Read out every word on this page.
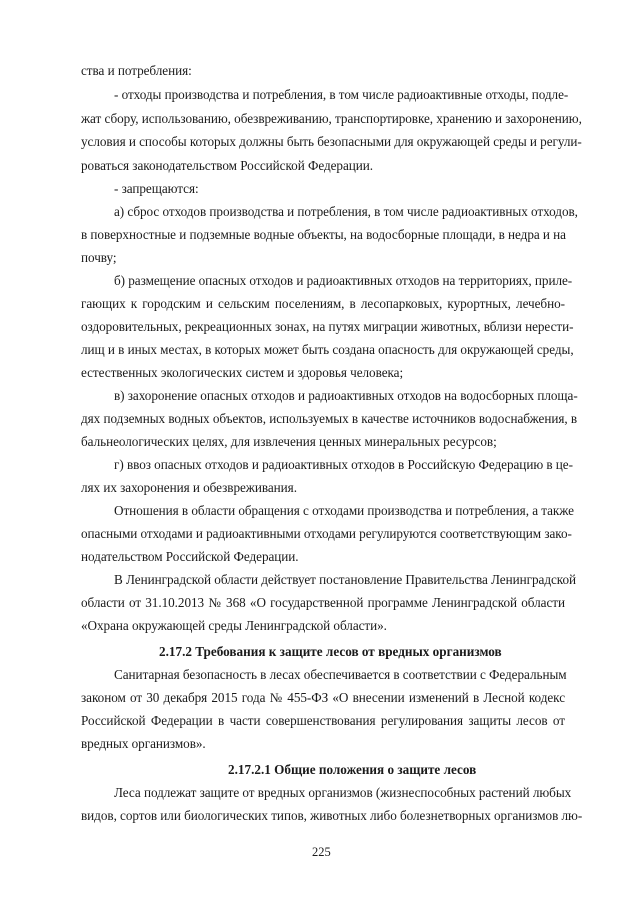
ства и потребления:
- отходы производства и потребления, в том числе радиоактивные отходы, подле-
жат сбору, использованию, обезвреживанию, транспортировке, хранению и захоронению,
условия и способы которых должны быть безопасными для окружающей среды и регули-
роваться законодательством Российской Федерации.
- запрещаются:
а) сброс отходов производства и потребления, в том числе радиоактивных отходов,
в поверхностные и подземные водные объекты, на водосборные площади, в недра и на
почву;
б) размещение опасных отходов и радиоактивных отходов на территориях, приле-
гающих к городским и сельским поселениям, в лесопарковых, курортных, лечебно-
оздоровительных, рекреационных зонах, на путях миграции животных, вблизи нерести-
лищ и в иных местах, в которых может быть создана опасность для окружающей среды,
естественных экологических систем и здоровья человека;
в) захоронение опасных отходов и радиоактивных отходов на водосборных площа-
дях подземных водных объектов, используемых в качестве источников водоснабжения, в
бальнеологических целях, для извлечения ценных минеральных ресурсов;
г) ввоз опасных отходов и радиоактивных отходов в Российскую Федерацию в це-
лях их захоронения и обезвреживания.
Отношения в области обращения с отходами производства и потребления, а также
опасными отходами и радиоактивными отходами регулируются соответствующим зако-
нодательством Российской Федерации.
В Ленинградской области действует постановление Правительства Ленинградской
области от 31.10.2013 № 368 «О государственной программе Ленинградской области
«Охрана окружающей среды Ленинградской области».
2.17.2 Требования к защите лесов от вредных организмов
Санитарная безопасность в лесах обеспечивается в соответствии с Федеральным
законом от 30 декабря 2015 года № 455-ФЗ «О внесении изменений в Лесной кодекс
Российской Федерации в части совершенствования регулирования защиты лесов от
вредных организмов».
2.17.2.1 Общие положения о защите лесов
Леса подлежат защите от вредных организмов (жизнеспособных растений любых
видов, сортов или биологических типов, животных либо болезнетворных организмов лю-
225
